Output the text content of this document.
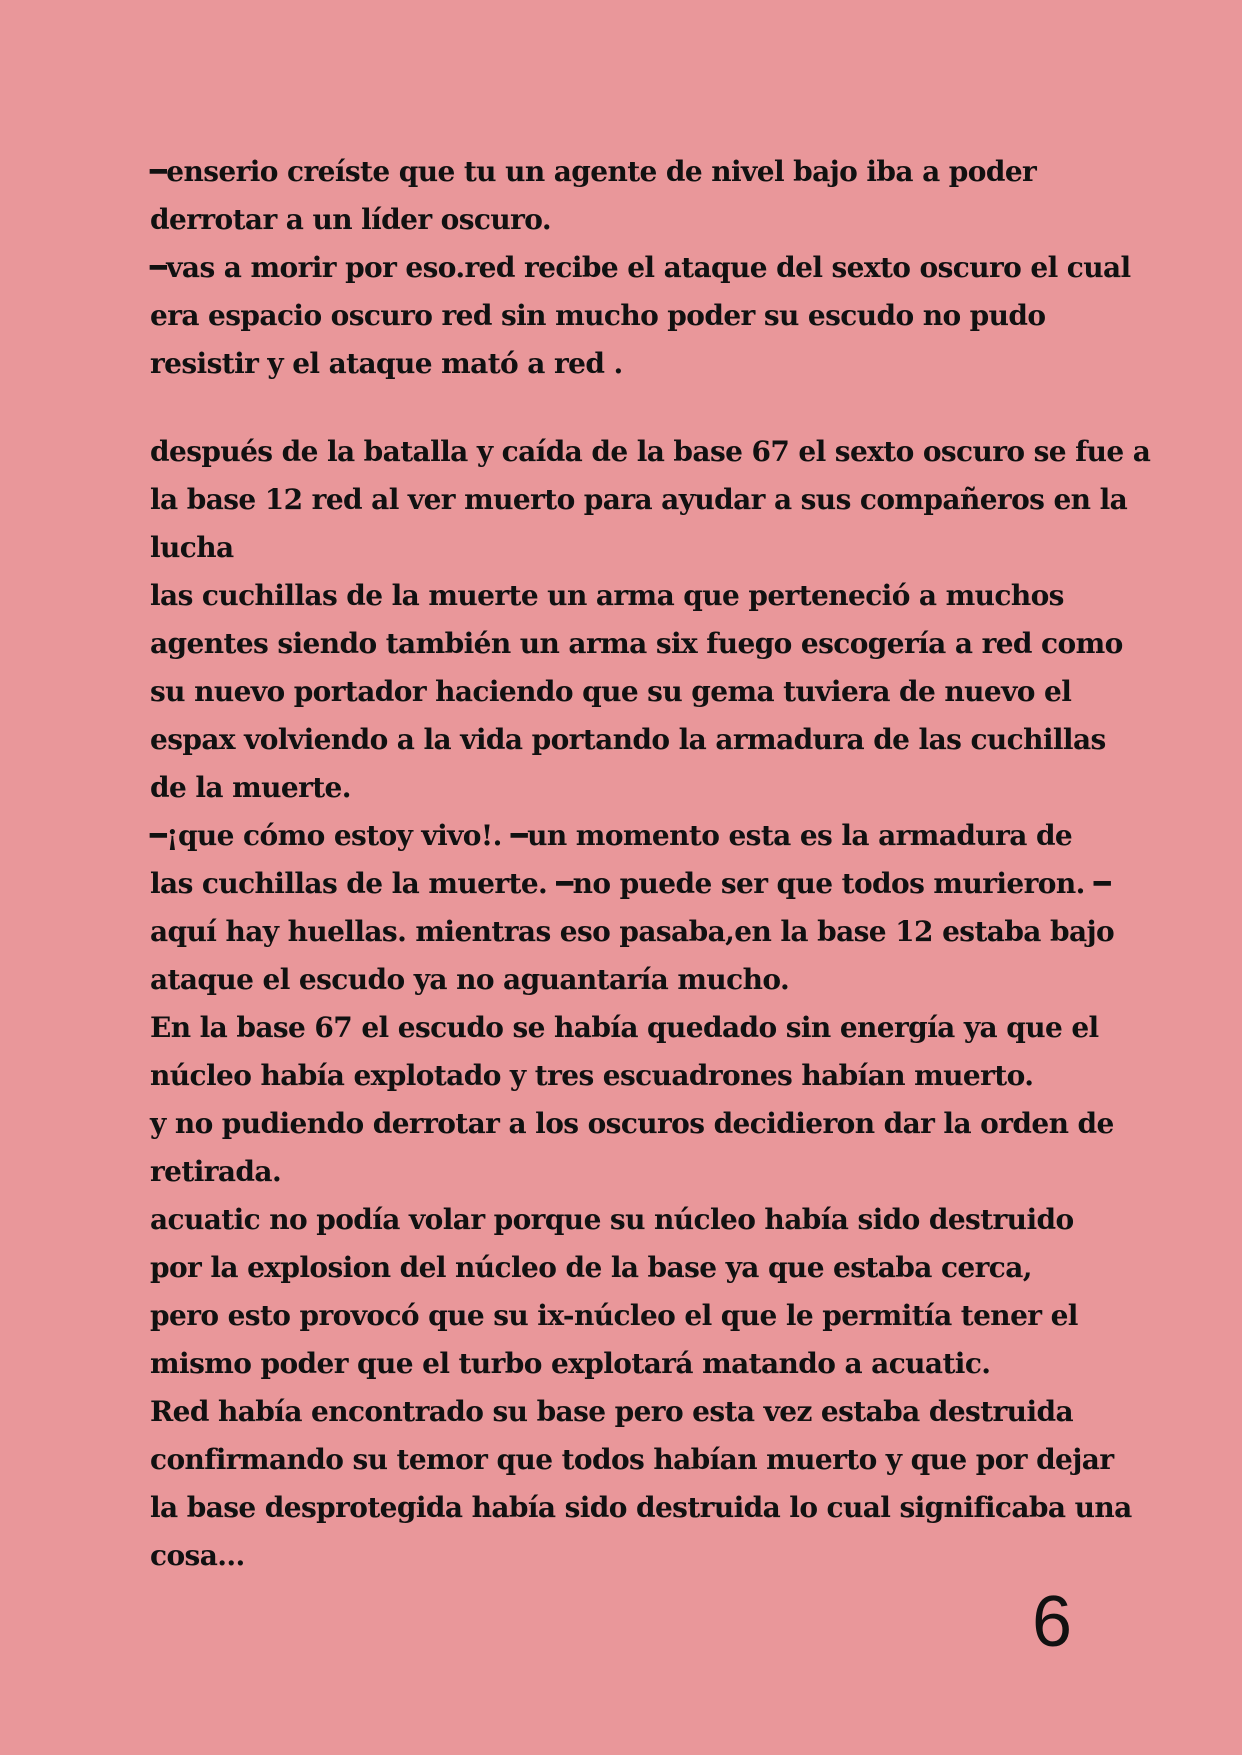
━enserio creíste que tu un agente de nivel bajo iba a poder
derrotar a un líder oscuro.
━vas a morir por eso.red recibe el ataque del sexto oscuro el cual
era espacio oscuro red sin mucho poder su escudo no pudo
resistir y el ataque mató a red .
después de la batalla y caída de la base 67 el sexto oscuro se fue a
la base 12 red al ver muerto para ayudar a sus compañeros en la
lucha
las cuchillas de la muerte un arma que perteneció a muchos
agentes siendo también un arma six fuego escogería a red como
su nuevo portador haciendo que su gema tuviera de nuevo el
espax volviendo a la vida portando la armadura de las cuchillas
de la muerte.
━¡que cómo estoy vivo!. ━un momento esta es la armadura de
las cuchillas de la muerte. ━no puede ser que todos murieron. ━
aquí hay huellas. mientras eso pasaba,en la base 12 estaba bajo
ataque el escudo ya no aguantaría mucho.
En la base 67 el escudo se había quedado sin energía ya que el
núcleo había explotado y tres escuadrones habían muerto.
y no pudiendo derrotar a los oscuros decidieron dar la orden de
retirada.
acuatic no podía volar porque su núcleo había sido destruido
por la explosion del núcleo de la base ya que estaba cerca,
pero esto provocó que su ix-núcleo el que le permitía tener el
mismo poder que el turbo explotará matando a acuatic.
Red había encontrado su base pero esta vez estaba destruida
confirmando su temor que todos habían muerto y que por dejar
la base desprotegida había sido destruida lo cual significaba una
cosa...
6
